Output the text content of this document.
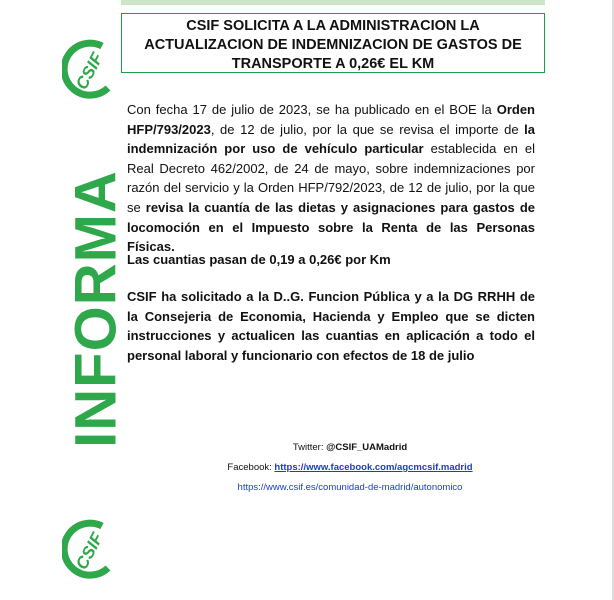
CSIF
CSIF
INFORMA
CSIF SOLICITA A LA ADMINISTRACION LA
ACTUALIZACION DE INDEMNIZACION DE GASTOS DE
TRANSPORTE A 0,26€ EL KM
Con fecha 17 de julio de 2023, se ha publicado en el BOE la Orden HFP/793/2023, de 12 de julio, por la que se revisa el importe de la indemnización por uso de vehículo particular establecida en el Real Decreto 462/2002, de 24 de mayo, sobre indemnizaciones por razón del servicio y la Orden HFP/792/2023, de 12 de julio, por la que se revisa la cuantía de las dietas y asignaciones para gastos de locomoción en el Impuesto sobre la Renta de las Personas Físicas.
Las cuantias pasan de 0,19 a 0,26€ por Km
CSIF ha solicitado a la D..G. Funcion Pública y a la DG RRHH de la Consejeria de Economia, Hacienda y Empleo que se dicten instrucciones y actualicen las cuantias en aplicación a todo el personal laboral y funcionario con efectos de 18 de julio
Twitter: @CSIF_UAMadrid
Facebook: https://www.facebook.com/agcmcsif.madrid
https://www.csif.es/comunidad-de-madrid/autonomico
